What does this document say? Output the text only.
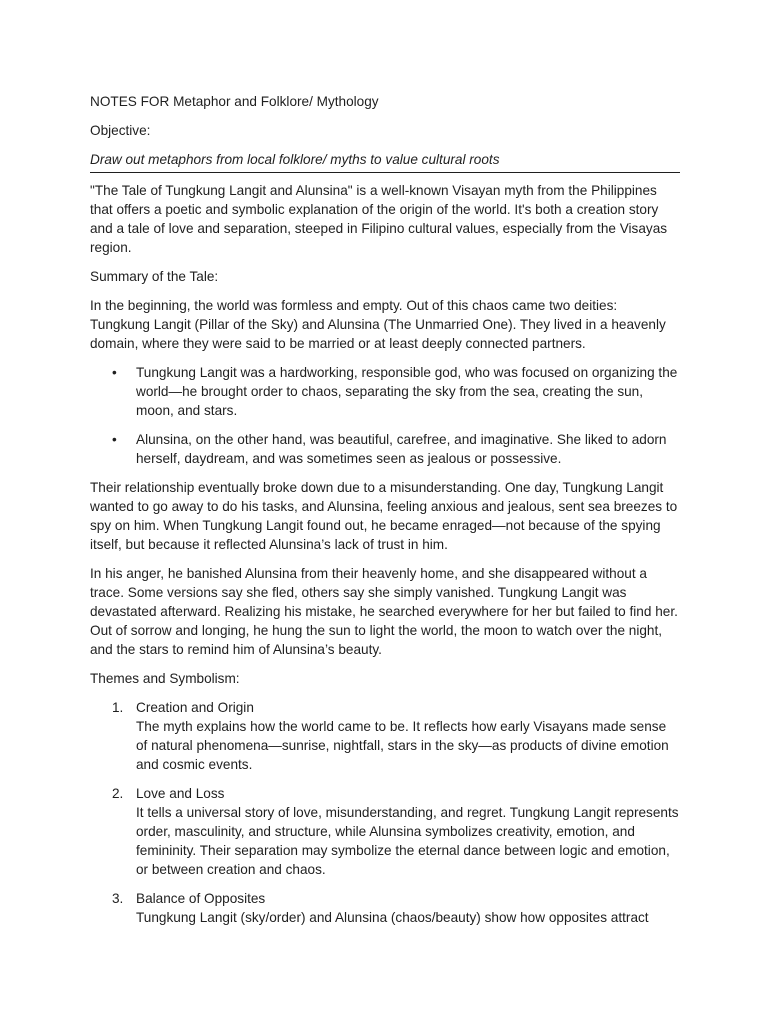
NOTES FOR Metaphor and Folklore/ Mythology

Objective:

Draw out metaphors from local folklore/ myths to value cultural roots

"The Tale of Tungkung Langit and Alunsina" is a well-known Visayan myth from the Philippines that offers a poetic and symbolic explanation of the origin of the world. It's both a creation story and a tale of love and separation, steeped in Filipino cultural values, especially from the Visayas region.

Summary of the Tale:

In the beginning, the world was formless and empty. Out of this chaos came two deities: Tungkung Langit (Pillar of the Sky) and Alunsina (The Unmarried One). They lived in a heavenly domain, where they were said to be married or at least deeply connected partners.

• Tungkung Langit was a hardworking, responsible god, who was focused on organizing the world—he brought order to chaos, separating the sky from the sea, creating the sun, moon, and stars.
• Alunsina, on the other hand, was beautiful, carefree, and imaginative. She liked to adorn herself, daydream, and was sometimes seen as jealous or possessive.

Their relationship eventually broke down due to a misunderstanding. One day, Tungkung Langit wanted to go away to do his tasks, and Alunsina, feeling anxious and jealous, sent sea breezes to spy on him. When Tungkung Langit found out, he became enraged—not because of the spying itself, but because it reflected Alunsina’s lack of trust in him.

In his anger, he banished Alunsina from their heavenly home, and she disappeared without a trace. Some versions say she fled, others say she simply vanished. Tungkung Langit was devastated afterward. Realizing his mistake, he searched everywhere for her but failed to find her. Out of sorrow and longing, he hung the sun to light the world, the moon to watch over the night, and the stars to remind him of Alunsina’s beauty.

Themes and Symbolism:

1. Creation and Origin
The myth explains how the world came to be. It reflects how early Visayans made sense of natural phenomena—sunrise, nightfall, stars in the sky—as products of divine emotion and cosmic events.
2. Love and Loss
It tells a universal story of love, misunderstanding, and regret. Tungkung Langit represents order, masculinity, and structure, while Alunsina symbolizes creativity, emotion, and femininity. Their separation may symbolize the eternal dance between logic and emotion, or between creation and chaos.
3. Balance of Opposites
Tungkung Langit (sky/order) and Alunsina (chaos/beauty) show how opposites attract
